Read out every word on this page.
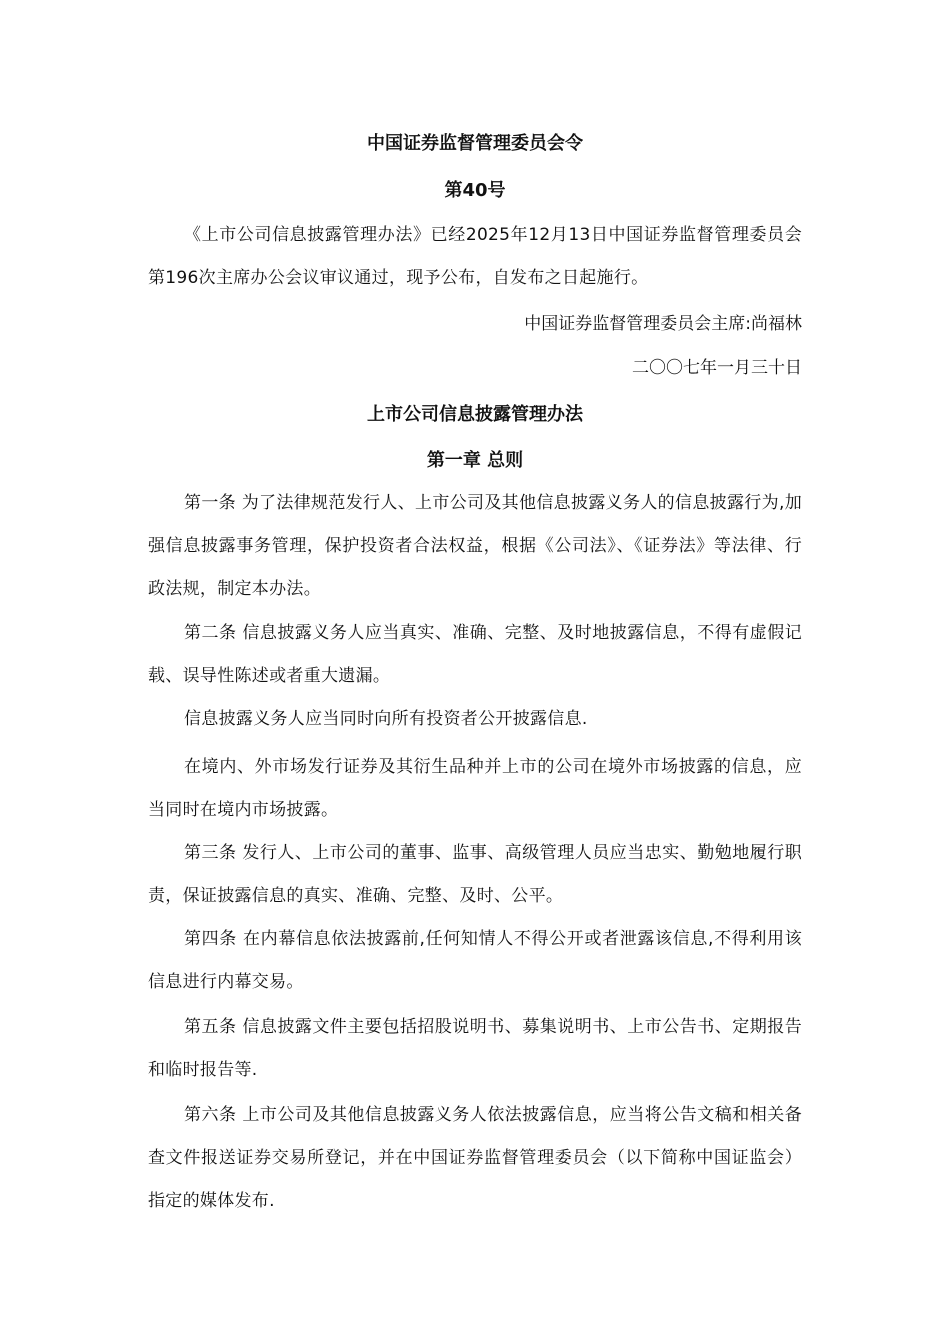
中国证券监督管理委员会令
第40号

《上市公司信息披露管理办法》已经2025年12月13日中国证券监督管理委员会第196次主席办公会议审议通过，现予公布，自发布之日起施行。

中国证券监督管理委员会主席:尚福林
二〇〇七年一月三十日
上市公司信息披露管理办法
第一章 总则

第一条 为了法律规范发行人、上市公司及其他信息披露义务人的信息披露行为,加强信息披露事务管理，保护投资者合法权益，根据《公司法》、《证券法》等法律、行政法规，制定本办法。

第二条 信息披露义务人应当真实、准确、完整、及时地披露信息，不得有虚假记载、误导性陈述或者重大遗漏。

信息披露义务人应当同时向所有投资者公开披露信息.

在境内、外市场发行证券及其衍生品种并上市的公司在境外市场披露的信息，应当同时在境内市场披露。

第三条 发行人、上市公司的董事、监事、高级管理人员应当忠实、勤勉地履行职责，保证披露信息的真实、准确、完整、及时、公平。

第四条 在内幕信息依法披露前,任何知情人不得公开或者泄露该信息,不得利用该信息进行内幕交易。

第五条 信息披露文件主要包括招股说明书、募集说明书、上市公告书、定期报告和临时报告等.

第六条 上市公司及其他信息披露义务人依法披露信息，应当将公告文稿和相关备查文件报送证券交易所登记，并在中国证券监督管理委员会（以下简称中国证监会）指定的媒体发布.
